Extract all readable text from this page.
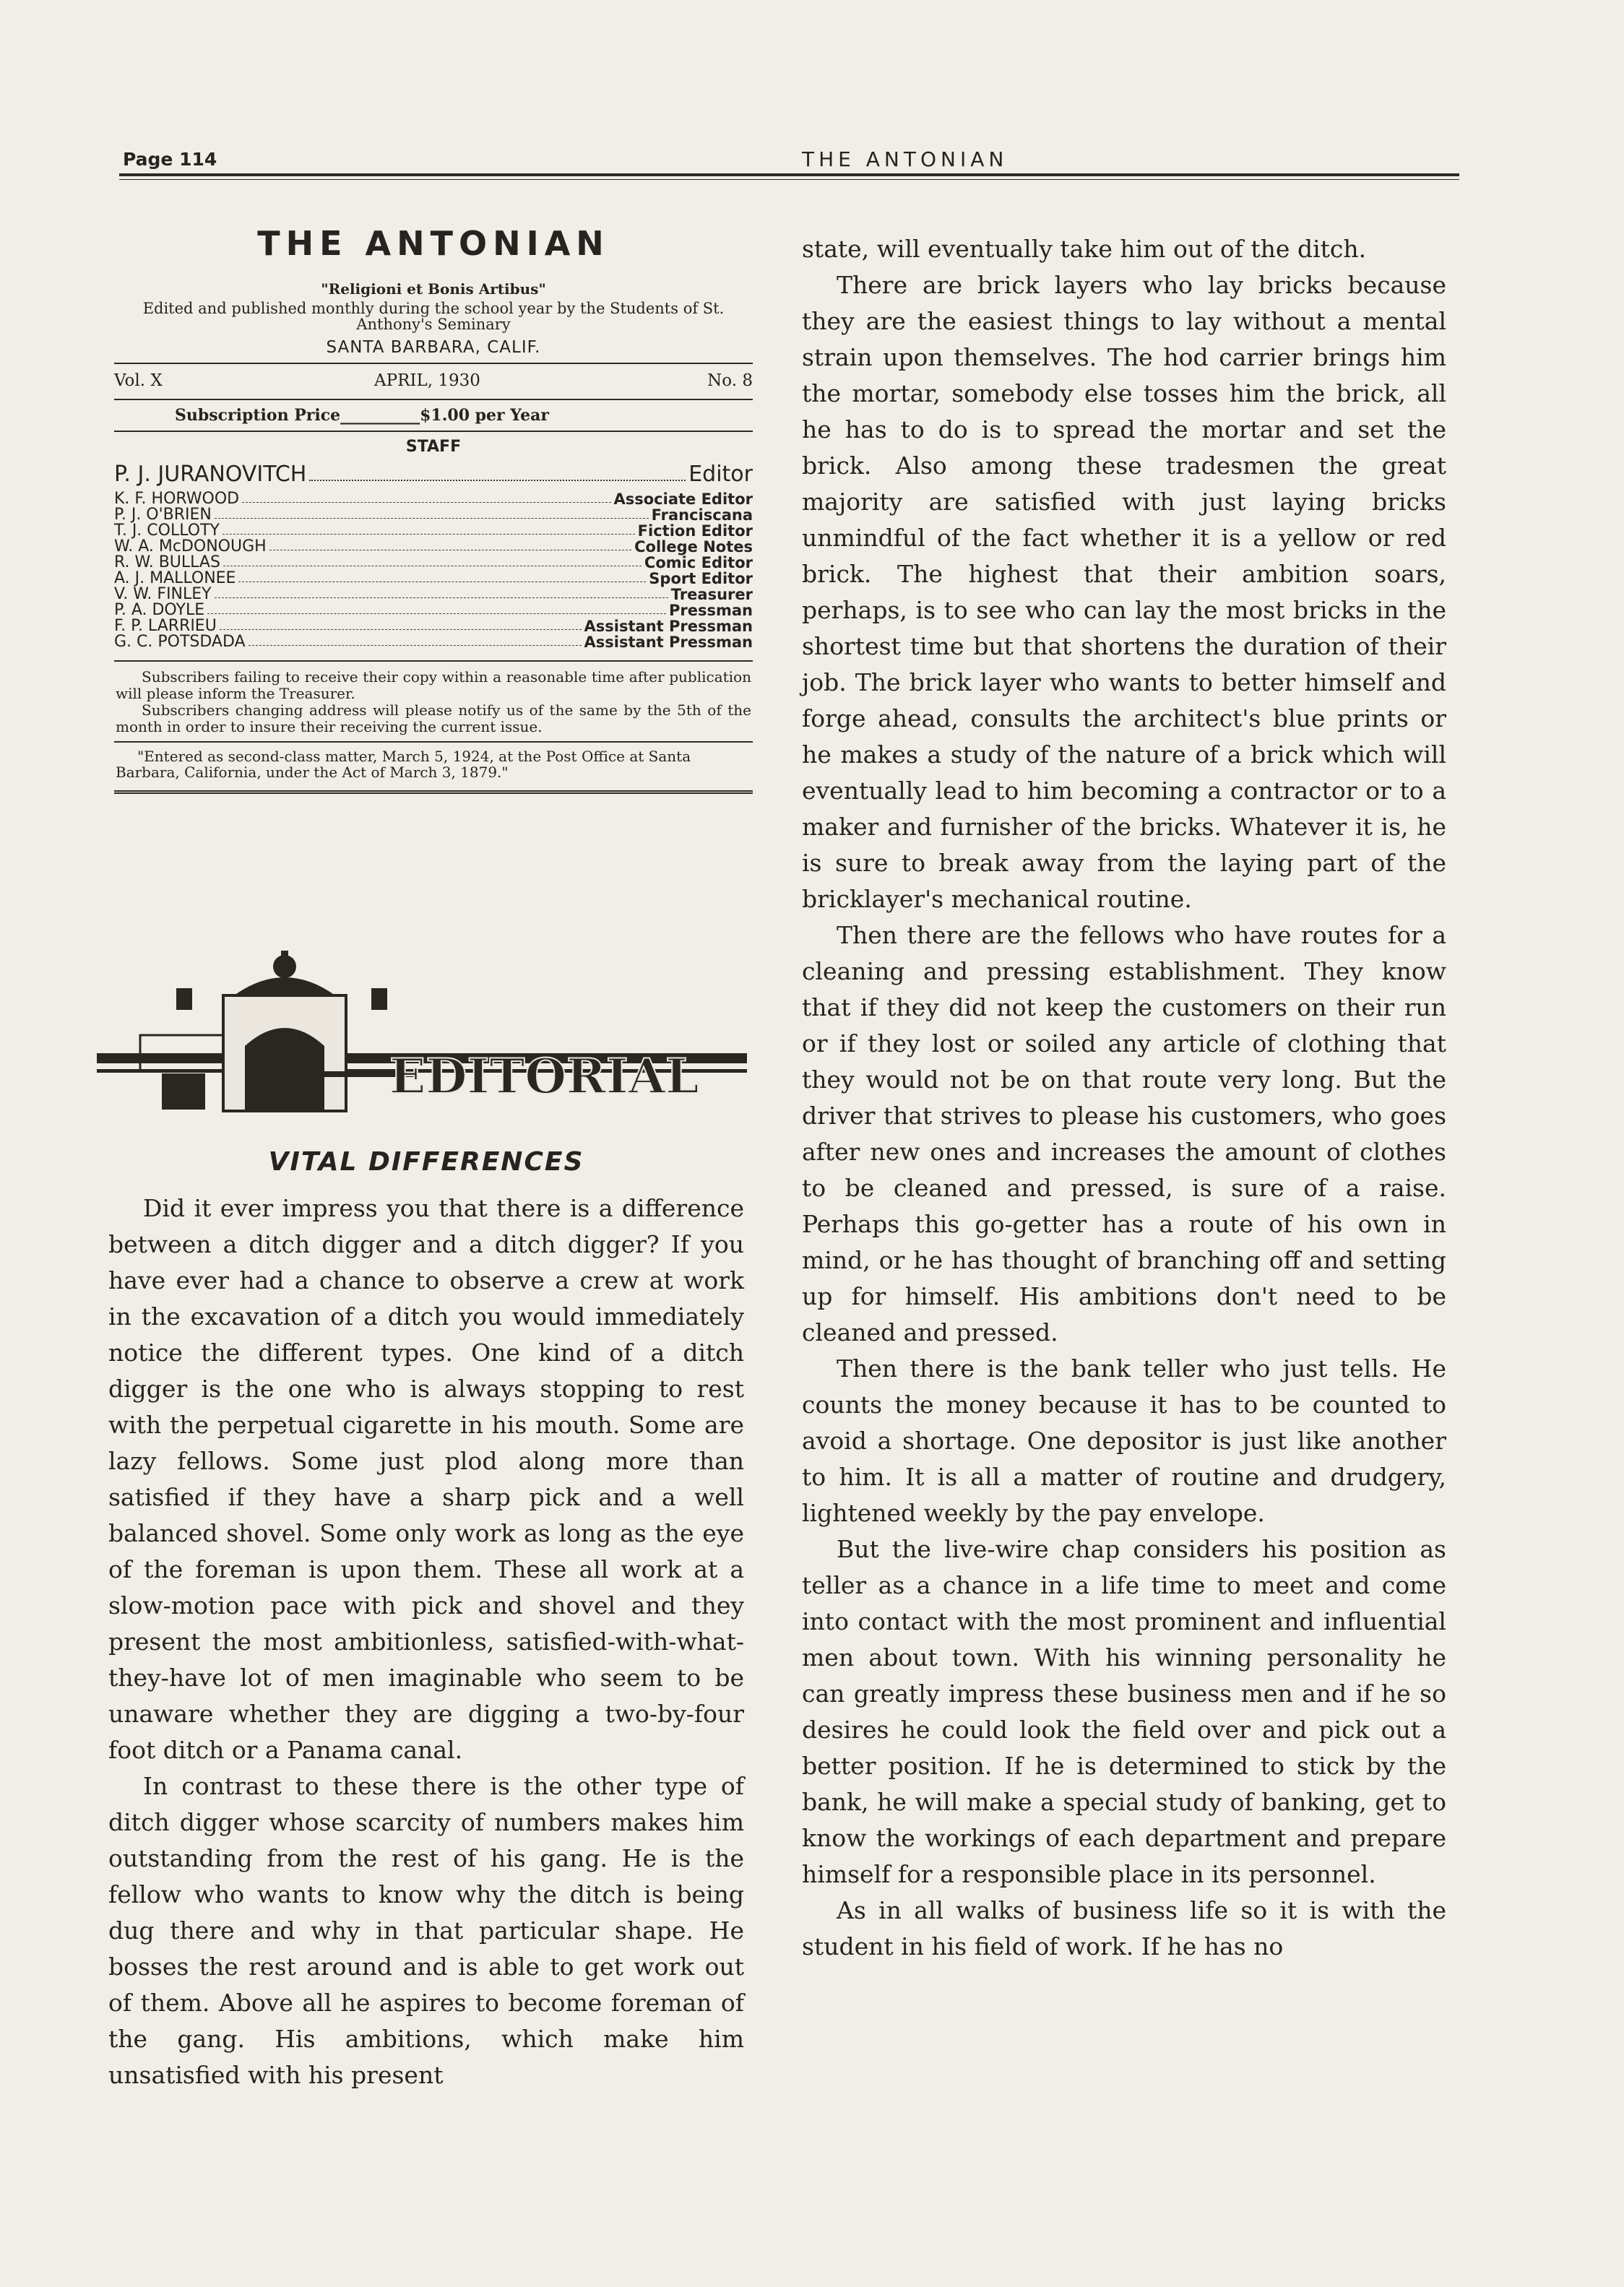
Page 114	THE ANTONIAN
THE ANTONIAN
"Religioni et Bonis Artibus"
Edited and published monthly during the school year by the Students of St. Anthony's Seminary
SANTA BARBARA, CALIF.
Vol. X	APRIL, 1930	No. 8
Subscription Price__________$1.00 per Year
STAFF
P. J. JURANOVITCH	Editor
K. F. HORWOOD	Associate Editor
P. J. O'BRIEN	Franciscana
T. J. COLLOTY	Fiction Editor
W. A. McDONOUGH	College Notes
R. W. BULLAS	Comic Editor
A. J. MALLONEE	Sport Editor
V. W. FINLEY	Treasurer
P. A. DOYLE	Pressman
F. P. LARRIEU	Assistant Pressman
G. C. POTSDADA	Assistant Pressman

Subscribers failing to receive their copy within a reasonable time after publication will please inform the Treasurer.

Subscribers changing address will please notify us of the same by the 5th of the month in order to insure their receiving the current issue.

"Entered as second-class matter, March 5, 1924, at the Post Office at Santa Barbara, California, under the Act of March 3, 1879."
EDITORIAL
VITAL DIFFERENCES

Did it ever impress you that there is a difference between a ditch digger and a ditch digger? If you have ever had a chance to observe a crew at work in the excavation of a ditch you would immediately notice the different types. One kind of a ditch digger is the one who is always stopping to rest with the perpetual cigarette in his mouth. Some are lazy fellows. Some just plod along more than satisfied if they have a sharp pick and a well balanced shovel. Some only work as long as the eye of the foreman is upon them. These all work at a slow-motion pace with pick and shovel and they present the most ambitionless, satisfied-with-what-they-have lot of men imaginable who seem to be unaware whether they are digging a two-by-four foot ditch or a Panama canal.

In contrast to these there is the other type of ditch digger whose scarcity of numbers makes him outstanding from the rest of his gang. He is the fellow who wants to know why the ditch is being dug there and why in that particular shape. He bosses the rest around and is able to get work out of them. Above all he aspires to become foreman of the gang. His ambitions, which make him unsatisfied with his present

state, will eventually take him out of the ditch.

There are brick layers who lay bricks because they are the easiest things to lay without a mental strain upon themselves. The hod carrier brings him the mortar, somebody else tosses him the brick, all he has to do is to spread the mortar and set the brick. Also among these tradesmen the great majority are satisfied with just laying bricks unmindful of the fact whether it is a yellow or red brick. The highest that their ambition soars, perhaps, is to see who can lay the most bricks in the shortest time but that shortens the duration of their job. The brick layer who wants to better himself and forge ahead, consults the architect's blue prints or he makes a study of the nature of a brick which will eventually lead to him becoming a contractor or to a maker and furnisher of the bricks. Whatever it is, he is sure to break away from the laying part of the bricklayer's mechanical routine.

Then there are the fellows who have routes for a cleaning and pressing establishment. They know that if they did not keep the customers on their run or if they lost or soiled any article of clothing that they would not be on that route very long. But the driver that strives to please his customers, who goes after new ones and increases the amount of clothes to be cleaned and pressed, is sure of a raise. Perhaps this go-getter has a route of his own in mind, or he has thought of branching off and setting up for himself. His ambitions don't need to be cleaned and pressed.

Then there is the bank teller who just tells. He counts the money because it has to be counted to avoid a shortage. One depositor is just like another to him. It is all a matter of routine and drudgery, lightened weekly by the pay envelope.

But the live-wire chap considers his position as teller as a chance in a life time to meet and come into contact with the most prominent and influential men about town. With his winning personality he can greatly impress these business men and if he so desires he could look the field over and pick out a better position. If he is determined to stick by the bank, he will make a special study of banking, get to know the workings of each department and prepare himself for a responsible place in its personnel.

As in all walks of business life so it is with the student in his field of work. If he has no
